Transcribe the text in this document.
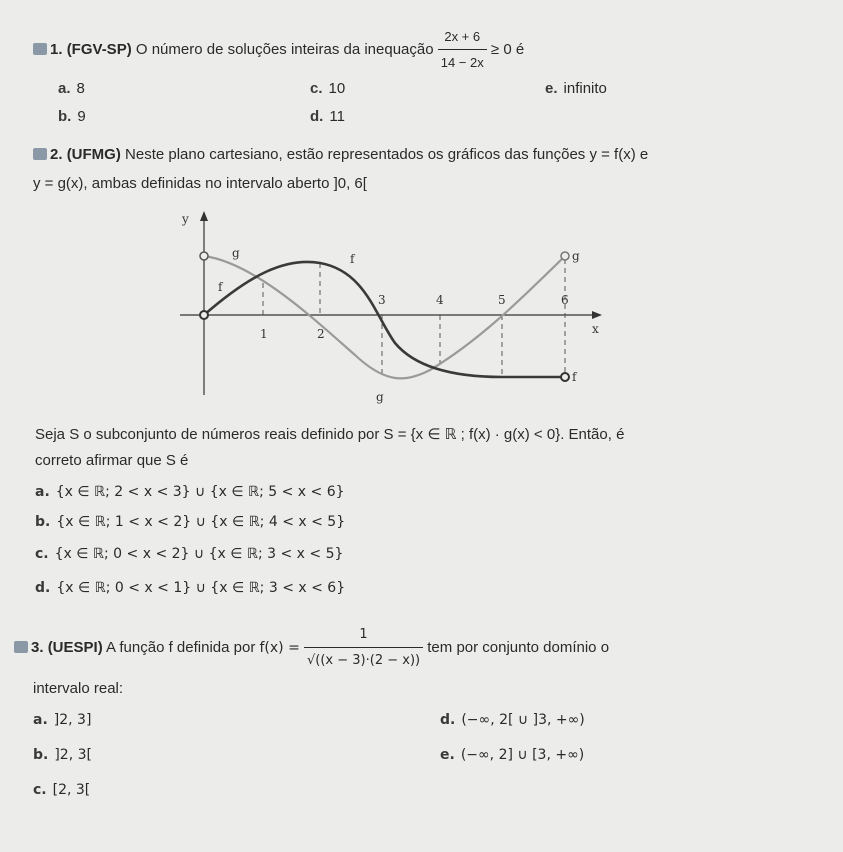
1. (FGV-SP) O número de soluções inteiras da inequação $\frac{2x + 6}{14 - 2x} \ge 0$ é
a. 8
b. 9
c. 10
d. 11
e. infinito
2. (UFMG) Neste plano cartesiano, estão representados os gráficos das funções y = f(x) e
y = g(x), ambas definidas no intervalo aberto ]0, 6[
y
x
1	2
3	4	5	6
g	f
f
g
f
g
Seja S o subconjunto de números reais definido por S = {x ∈ ℝ ; f(x) · g(x) < 0}. Então, é
correto afirmar que S é
a. {x ∈ ℝ; 2 < x < 3} ∪ {x ∈ ℝ; 5 < x < 6}
b. {x ∈ ℝ; 1 < x < 2} ∪ {x ∈ ℝ; 4 < x < 5}
c. {x ∈ ℝ; 0 < x < 2} ∪ {x ∈ ℝ; 3 < x < 5}
d. {x ∈ ℝ; 0 < x < 1} ∪ {x ∈ ℝ; 3 < x < 6}
3. (UESPI) A função f definida por $f(x) = \frac{1}{√((x - 3)\cdot(2 - x))}$ tem por conjunto domínio o
intervalo real:
a. ]2, 3]
b. ]2, 3[
c. [2, 3[
d. (−∞, 2[ ∪ ]3, +∞)
e. (−∞, 2] ∪ [3, +∞)
